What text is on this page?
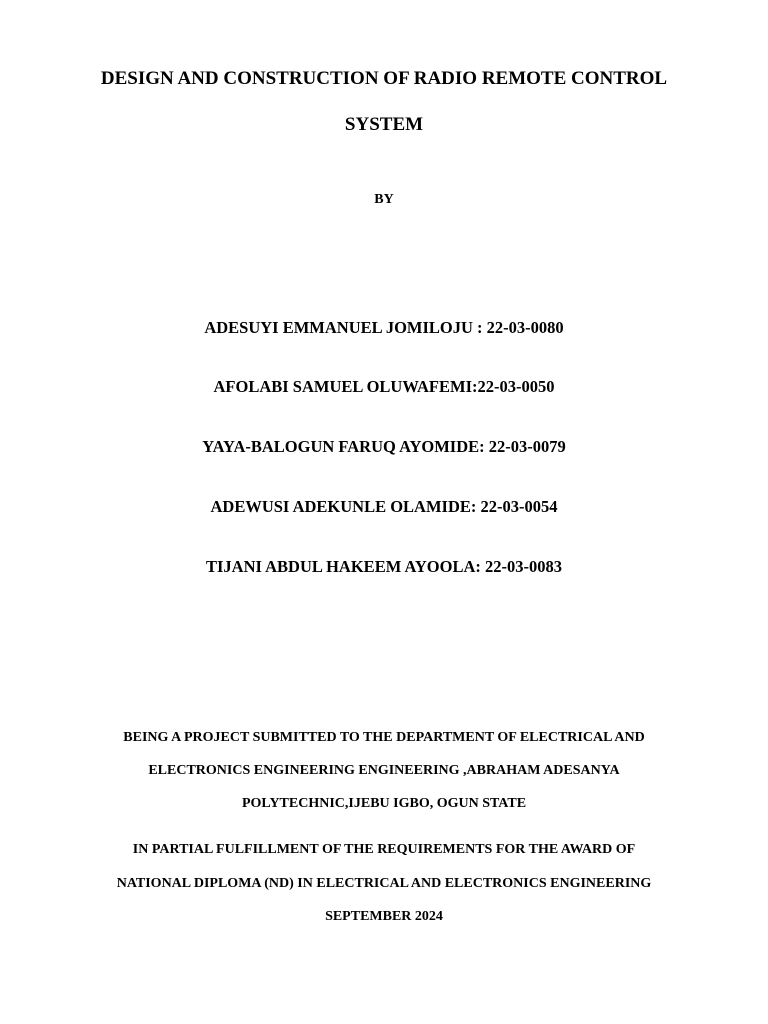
DESIGN AND CONSTRUCTION OF RADIO REMOTE CONTROL
SYSTEM

BY

ADESUYI EMMANUEL JOMILOJU : 22-03-0080

AFOLABI SAMUEL OLUWAFEMI:22-03-0050

YAYA-BALOGUN FARUQ AYOMIDE: 22-03-0079

ADEWUSI ADEKUNLE OLAMIDE: 22-03-0054

TIJANI ABDUL HAKEEM AYOOLA: 22-03-0083

BEING A PROJECT SUBMITTED TO THE DEPARTMENT OF ELECTRICAL AND

ELECTRONICS ENGINEERING ENGINEERING ,ABRAHAM ADESANYA

POLYTECHNIC,IJEBU IGBO, OGUN STATE

IN PARTIAL FULFILLMENT OF THE REQUIREMENTS FOR THE AWARD OF

NATIONAL DIPLOMA (ND) IN ELECTRICAL AND ELECTRONICS ENGINEERING

SEPTEMBER 2024
